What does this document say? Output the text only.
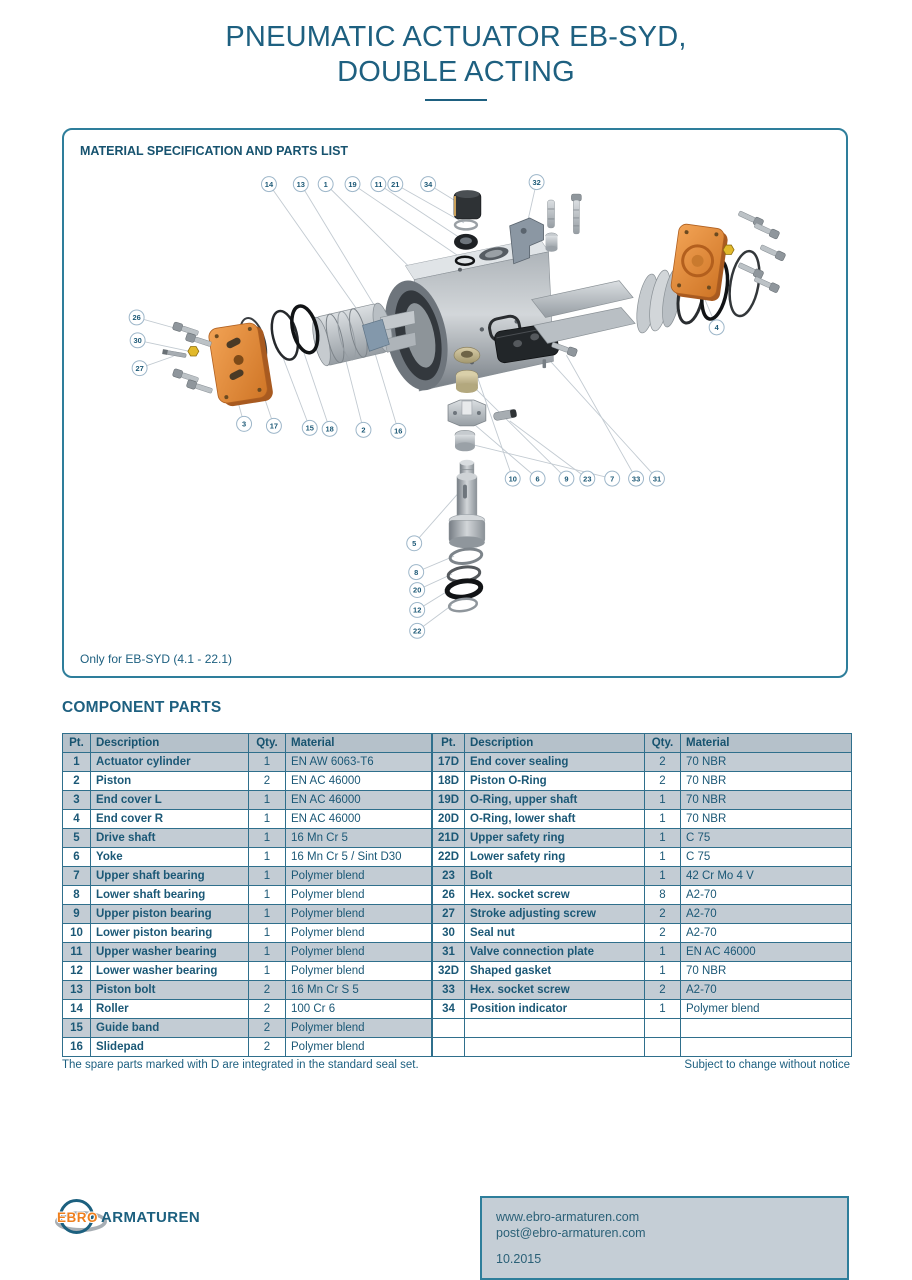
PNEUMATIC ACTUATOR EB-SYD,
DOUBLE ACTING
14	13 1	19 11 21	34	32
26
30
27
3	17	15 18	2	16
10 6	9 23 7 33 31
5
8
20
12
22
4
MATERIAL SPECIFICATION AND PARTS LIST
Only for EB-SYD (4.1 - 22.1)
COMPONENT PARTS
Pt.	Description	Qty.	Material
1	Actuator cylinder	1	EN AW 6063-T6
2	Piston	2	EN AC 46000
3	End cover L	1	EN AC 46000
4	End cover R	1	EN AC 46000
5	Drive shaft	1	16 Mn Cr 5
6	Yoke	1	16 Mn Cr 5 / Sint D30
7	Upper shaft bearing	1	Polymer blend
8	Lower shaft bearing	1	Polymer blend
9	Upper piston bearing	1	Polymer blend
10	Lower piston bearing	1	Polymer blend
11	Upper washer bearing	1	Polymer blend
12	Lower washer bearing	1	Polymer blend
13	Piston bolt	2	16 Mn Cr S 5
14	Roller	2	100 Cr 6
15	Guide band	2	Polymer blend
16	Slidepad	2	Polymer blend
Pt.	Description	Qty.	Material
17D	End cover sealing	2	70 NBR
18D	Piston O-Ring	2	70 NBR
19D	O-Ring, upper shaft	1	70 NBR
20D	O-Ring, lower shaft	1	70 NBR
21D	Upper safety ring	1	C 75
22D	Lower safety ring	1	C 75
23	Bolt	1	42 Cr Mo 4 V
26	Hex. socket screw	8	A2-70
27	Stroke adjusting screw	2	A2-70
30	Seal nut	2	A2-70
31	Valve connection plate	1	EN AC 46000
32D	Shaped gasket	1	70 NBR
33	Hex. socket screw	2	A2-70
34	Position indicator	1	Polymer blend

The spare parts marked with D are integrated in the standard seal set.	Subject to change without notice
EBRO ARMATUREN	www.ebro-armaturen.com
post@ebro-armaturen.com
10.2015
